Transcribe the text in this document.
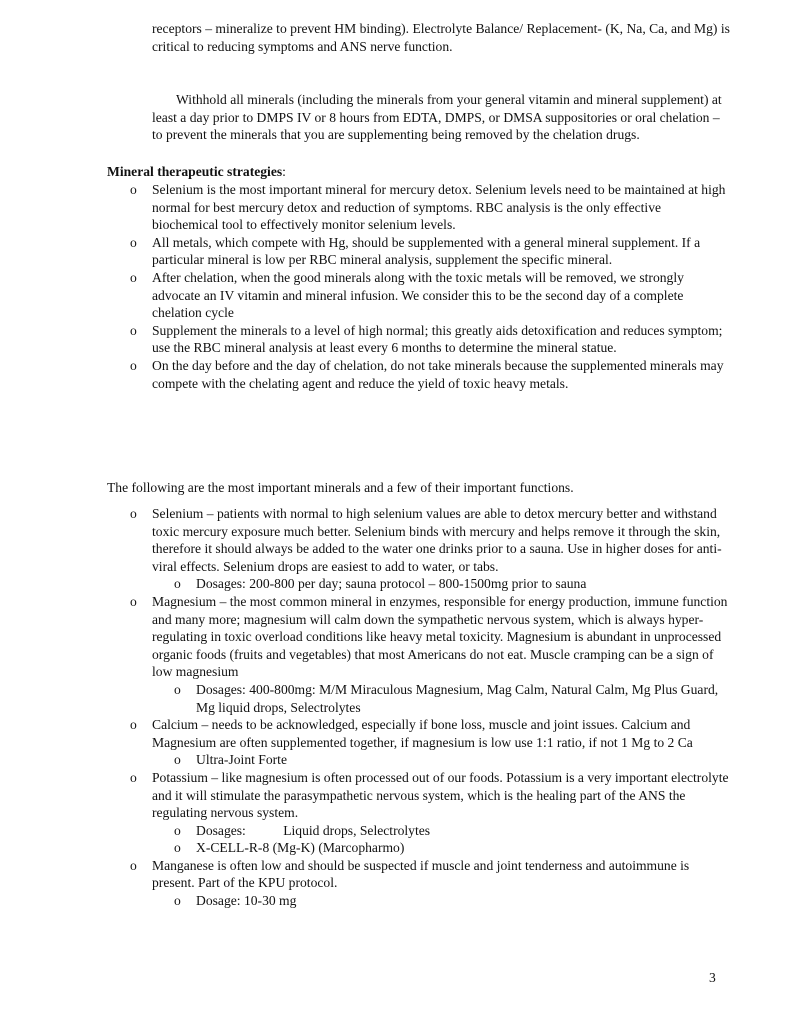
receptors – mineralize to prevent HM binding). Electrolyte Balance/ Replacement- (K, Na, Ca, and Mg) is critical to reducing symptoms and ANS nerve function.

Withhold all minerals (including the minerals from your general vitamin and mineral supplement) at least a day prior to DMPS IV or 8 hours from EDTA, DMPS, or DMSA suppositories or oral chelation – to prevent the minerals that you are supplementing being removed by the chelation drugs.

Mineral therapeutic strategies:

o	Selenium is the most important mineral for mercury detox. Selenium levels need to be maintained at high normal for best mercury detox and reduction of symptoms. RBC analysis is the only effective biochemical tool to effectively monitor selenium levels.
o	All metals, which compete with Hg, should be supplemented with a general mineral supplement. If a particular mineral is low per RBC mineral analysis, supplement the specific mineral.
o	After chelation, when the good minerals along with the toxic metals will be removed, we strongly advocate an IV vitamin and mineral infusion. We consider this to be the second day of a complete chelation cycle
o	Supplement the minerals to a level of high normal; this greatly aids detoxification and reduces symptom; use the RBC mineral analysis at least every 6 months to determine the mineral statue.
o	On the day before and the day of chelation, do not take minerals because the supplemented minerals may compete with the chelating agent and reduce the yield of toxic heavy metals.

The following are the most important minerals and a few of their important functions.

o	Selenium – patients with normal to high selenium values are able to detox mercury better and withstand toxic mercury exposure much better. Selenium binds with mercury and helps remove it through the skin, therefore it should always be added to the water one drinks prior to a sauna. Use in higher doses for anti-viral effects. Selenium drops are easiest to add to water, or tabs.
o	Dosages: 200-800 per day; sauna protocol – 800-1500mg prior to sauna
o	Magnesium – the most common mineral in enzymes, responsible for energy production, immune function and many more; magnesium will calm down the sympathetic nervous system, which is always hyper-regulating in toxic overload conditions like heavy metal toxicity. Magnesium is abundant in unprocessed organic foods (fruits and vegetables) that most Americans do not eat. Muscle cramping can be a sign of low magnesium
o	Dosages: 400-800mg: M/M Miraculous Magnesium, Mag Calm, Natural Calm, Mg Plus Guard, Mg liquid drops, Selectrolytes
o	Calcium – needs to be acknowledged, especially if bone loss, muscle and joint issues. Calcium and Magnesium are often supplemented together, if magnesium is low use 1:1 ratio, if not 1 Mg to 2 Ca
o	Ultra-Joint Forte
o	Potassium – like magnesium is often processed out of our foods. Potassium is a very important electrolyte and it will stimulate the parasympathetic nervous system, which is the healing part of the ANS the regulating nervous system.
o	Dosages:           Liquid drops, Selectrolytes
o	X-CELL-R-8 (Mg-K) (Marcopharmo)
o	Manganese is often low and should be suspected if muscle and joint tenderness and autoimmune is present. Part of the KPU protocol.
o	Dosage: 10-30 mg
3
